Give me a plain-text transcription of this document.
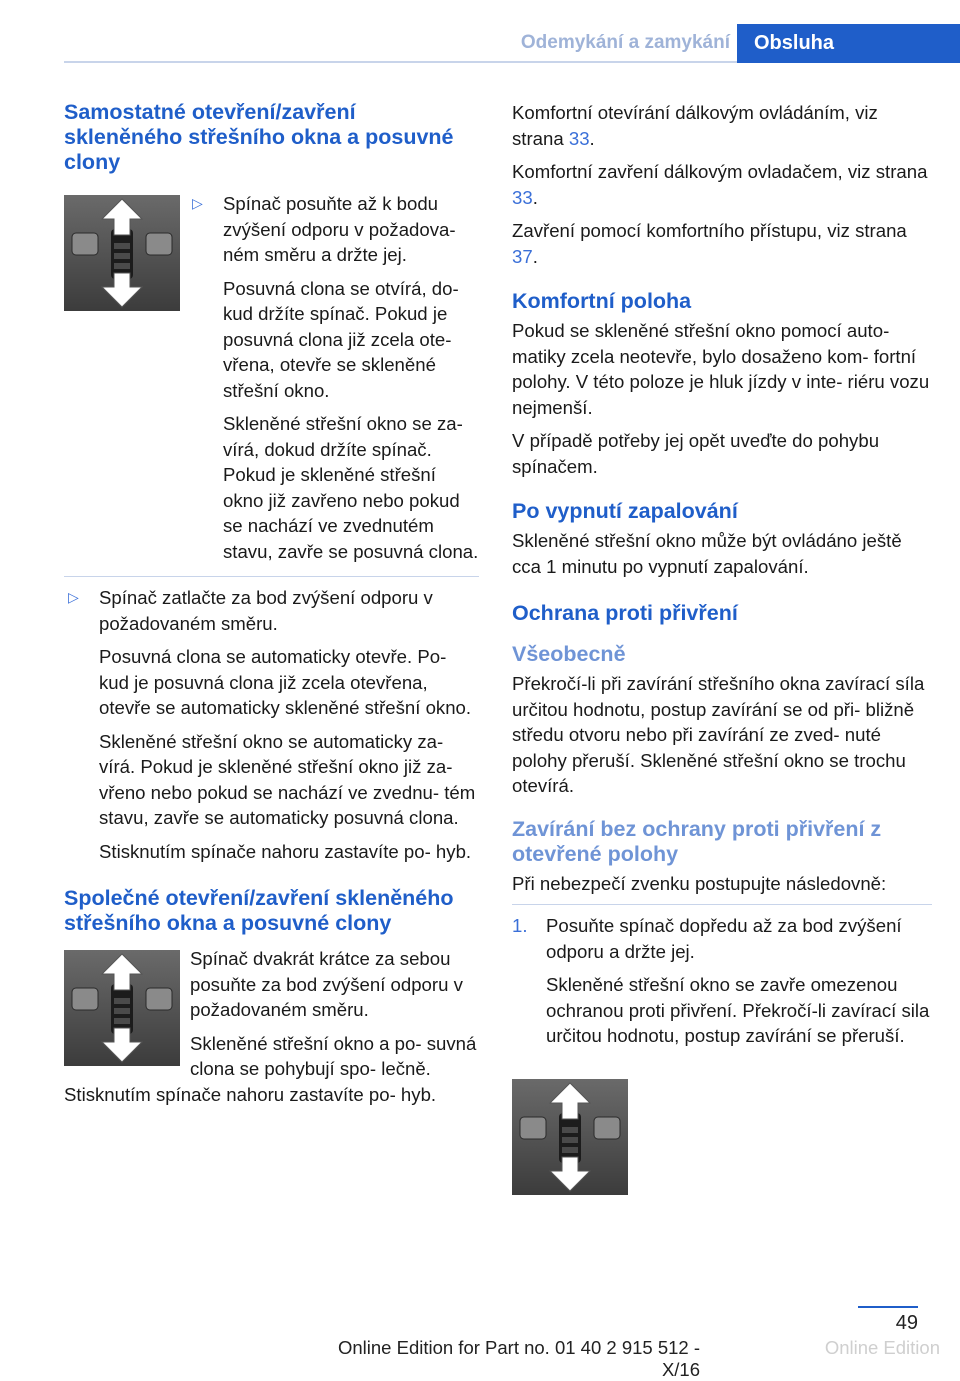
Odemykání a zamykání	Obsluha
Samostatné otevření/zavření skleněného střešního okna a posuvné clony
▷ Spínač posuňte až k bodu zvýšení odporu v požadova- ném směru a držte jej.

Posuvná clona se otvírá, do- kud držíte spínač. Pokud je posuvná clona již zcela ote- vřena, otevře se skleněné střešní okno.

Skleněné střešní okno se za- vírá, dokud držíte spínač. Pokud je skleněné střešní okno již zavřeno nebo pokud se nachází ve zvednutém stavu, zavře se posuvná clona.

▷ Spínač zatlačte za bod zvýšení odporu v požadovaném směru.

Posuvná clona se automaticky otevře. Po- kud je posuvná clona již zcela otevřena, otevře se automaticky skleněné střešní okno.

Skleněné střešní okno se automaticky za- vírá. Pokud je skleněné střešní okno již za- vřeno nebo pokud se nachází ve zvednu- tém stavu, zavře se automaticky posuvná clona.

Stisknutím spínače nahoru zastavíte po- hyb.

Společné otevření/zavření skleněného střešního okna a posuvné clony

Spínač dvakrát krátce za sebou posuňte za bod zvýšení odporu v požadovaném směru.

Skleněné střešní okno a po- suvná clona se pohybují spo- lečně. Stisknutím spínače nahoru zastavíte po- hyb.

Komfortní otevírání dálkovým ovládáním, viz strana 33.

Komfortní zavření dálkovým ovladačem, viz strana 33.

Zavření pomocí komfortního přístupu, viz strana 37.

Komfortní poloha

Pokud se skleněné střešní okno pomocí auto- matiky zcela neotevře, bylo dosaženo kom- fortní polohy. V této poloze je hluk jízdy v inte- riéru vozu nejmenší.

V případě potřeby jej opět uveďte do pohybu spínačem.

Po vypnutí zapalování

Skleněné střešní okno může být ovládáno ještě cca 1 minutu po vypnutí zapalování.

Ochrana proti přivření
Všeobecně

Překročí-li při zavírání střešního okna zavírací síla určitou hodnotu, postup zavírání se od při- bližně středu otvoru nebo při zavírání ze zved- nuté polohy přeruší. Skleněné střešní okno se trochu otevírá.

Zavírání bez ochrany proti přivření z otevřené polohy

Při nebezpečí zvenku postupujte následovně:

1. Posuňte spínač dopředu až za bod zvýšení odporu a držte jej.

Skleněné střešní okno se zavře omezenou ochranou proti přivření. Překročí-li zavírací sila určitou hodnotu, postup zavírání se přeruší.

49
Online Edition for Part no. 01 40 2 915 512 - X/16
Online Edition
